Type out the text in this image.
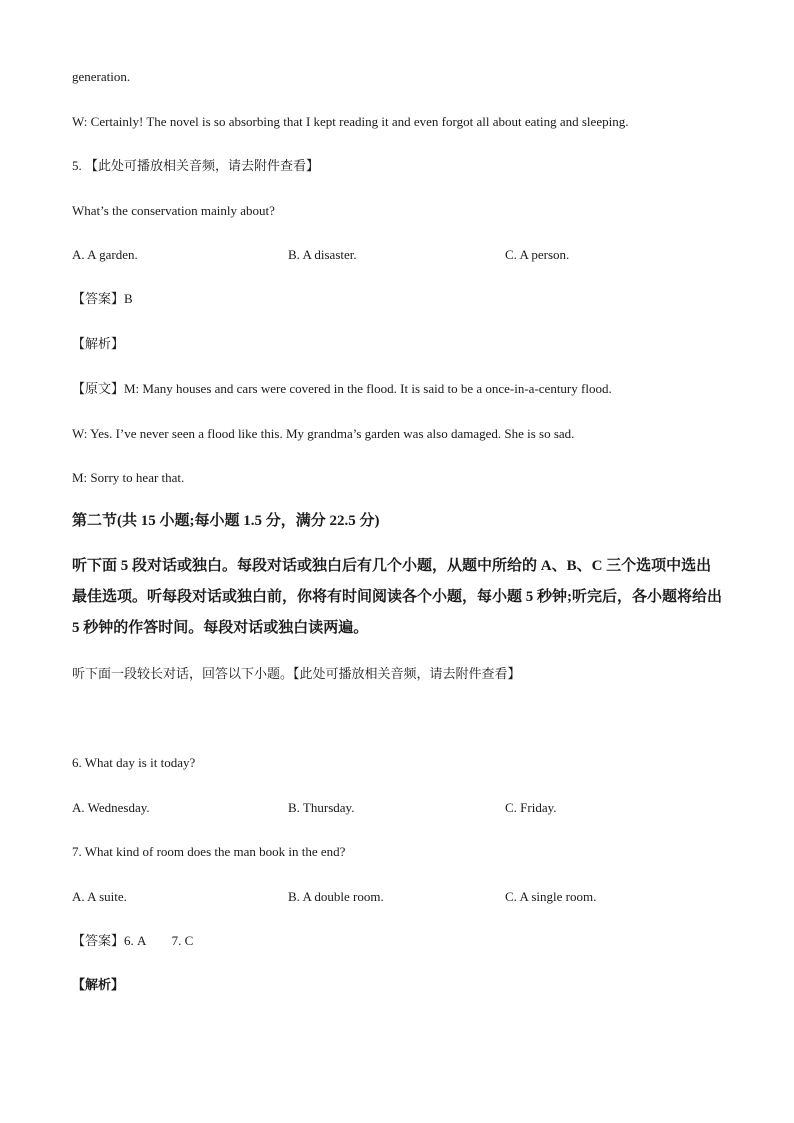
generation.
W: Certainly! The novel is so absorbing that I kept reading it and even forgot all about eating and sleeping.
5. 【此处可播放相关音频，请去附件查看】
What’s the conservation mainly about?
A. A garden.	B. A disaster.	C. A person.
【答案】B
【解析】
【原文】M: Many houses and cars were covered in the flood. It is said to be a once-in-a-century flood.
W: Yes. I’ve never seen a flood like this. My grandma’s garden was also damaged. She is so sad.
M: Sorry to hear that.
第二节(共 15 小题;每小题 1.5 分，满分 22.5 分)
听下面 5 段对话或独白。每段对话或独白后有几个小题，从题中所给的 A、B、C 三个选项中选出最佳选项。听每段对话或独白前，你将有时间阅读各个小题，每小题 5 秒钟;听完后，各小题将给出 5 秒钟的作答时间。每段对话或独白读两遍。
听下面一段较长对话，回答以下小题。【此处可播放相关音频，请去附件查看】
6. What day is it today?
A. Wednesday.	B. Thursday.	C. Friday.
7. What kind of room does the man book in the end?
A. A suite.	B. A double room.	C. A single room.
【答案】6. A        7. C
【解析】
